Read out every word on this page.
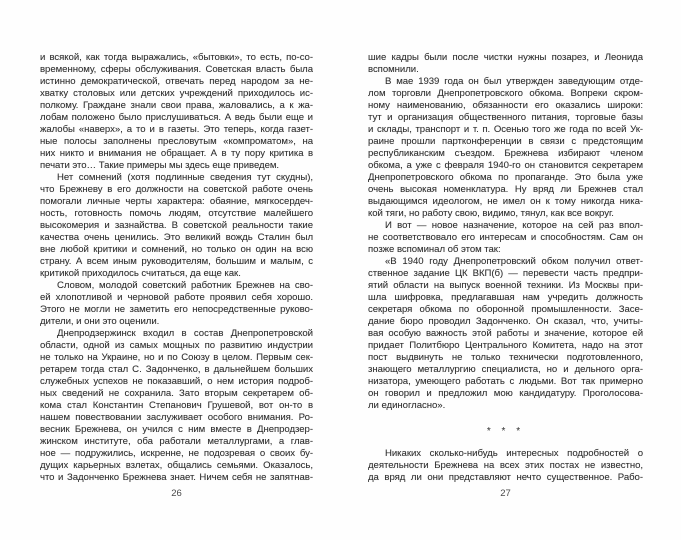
и всякой, как тогда выражались, «бытовки», то есть, по-со-
временному, сферы обслуживания. Советская власть была
истинно демократической, отвечать перед народом за не-
хватку столовых или детских учреждений приходилось ис-
полкому. Граждане знали свои права, жаловались, а к жа-
лобам положено было прислушиваться. А ведь были еще и
жалобы «наверх», а то и в газеты. Это теперь, когда газет-
ные полосы заполнены пресловутым «компроматом», на
них никто и внимания не обращает. А в ту пору критика в
печати это… Такие примеры мы здесь еще приведем.
Нет сомнений (хотя подлинные сведения тут скудны),
что Брежневу в его должности на советской работе очень
помогали личные черты характера: обаяние, мягкосердеч-
ность, готовность помочь людям, отсутствие малейшего
высокомерия и зазнайства. В советской реальности такие
качества очень ценились. Это великий вождь Сталин был
вне любой критики и сомнений, но только он один на всю
страну. А всем иным руководителям, большим и малым, с
критикой приходилось считаться, да еще как.
Словом, молодой советский работник Брежнев на сво-
ей хлопотливой и черновой работе проявил себя хорошо.
Этого не могли не заметить его непосредственные руково-
дители, и они это оценили.
Днепродзержинск входил в состав Днепропетровской
области, одной из самых мощных по развитию индустрии
не только на Украине, но и по Союзу в целом. Первым сек-
ретарем тогда стал С. Задонченко, в дальнейшем больших
служебных успехов не показавший, о нем история подроб-
ных сведений не сохранила. Зато вторым секретарем об-
кома стал Константин Степанович Грушевой, вот он-то в
нашем повествовании заслуживает особого внимания. Ро-
весник Брежнева, он учился с ним вместе в Днепродзер-
жинском институте, оба работали металлургами, а глав-
ное — подружились, искренне, не подозревая о своих бу-
дущих карьерных взлетах, общались семьями. Оказалось,
что и Задонченко Брежнева знает. Ничем себя не запятнав-
шие кадры были после чистки нужны позарез, и Леонида
вспомнили.
В мае 1939 года он был утвержден заведующим отде-
лом торговли Днепропетровского обкома. Вопреки скром-
ному наименованию, обязанности его оказались широки:
тут и организация общественного питания, торговые базы
и склады, транспорт и т. п. Осенью того же года по всей Ук-
раине прошли партконференции в связи с предстоящим
республиканским съездом. Брежнева избирают членом
обкома, а уже с февраля 1940-го он становится секретарем
Днепропетровского обкома по пропаганде. Это была уже
очень высокая номенклатура. Ну вряд ли Брежнев стал
выдающимся идеологом, не имел он к тому никогда ника-
кой тяги, но работу свою, видимо, тянул, как все вокруг.
И вот — новое назначение, которое на сей раз впол-
не соответствовало его интересам и способностям. Сам он
позже вспоминал об этом так:
«В 1940 году Днепропетровский обком получил ответ-
ственное задание ЦК ВКП(б) — перевести часть предпри-
ятий области на выпуск военной техники. Из Москвы при-
шла шифровка, предлагавшая нам учредить должность
секретаря обкома по оборонной промышленности. Засе-
дание бюро проводил Задонченко. Он сказал, что, учиты-
вая особую важность этой работы и значение, которое ей
придает Политбюро Центрального Комитета, надо на этот
пост выдвинуть не только технически подготовленного,
знающего металлургию специалиста, но и дельного орга-
низатора, умеющего работать с людьми. Вот так примерно
он говорил и предложил мою кандидатуру. Проголосова-
ли единогласно».
* * *
Никаких сколько-нибудь интересных подробностей о
деятельности Брежнева на всех этих постах не известно,
да вряд ли они представляют нечто существенное. Рабо-
26	27
